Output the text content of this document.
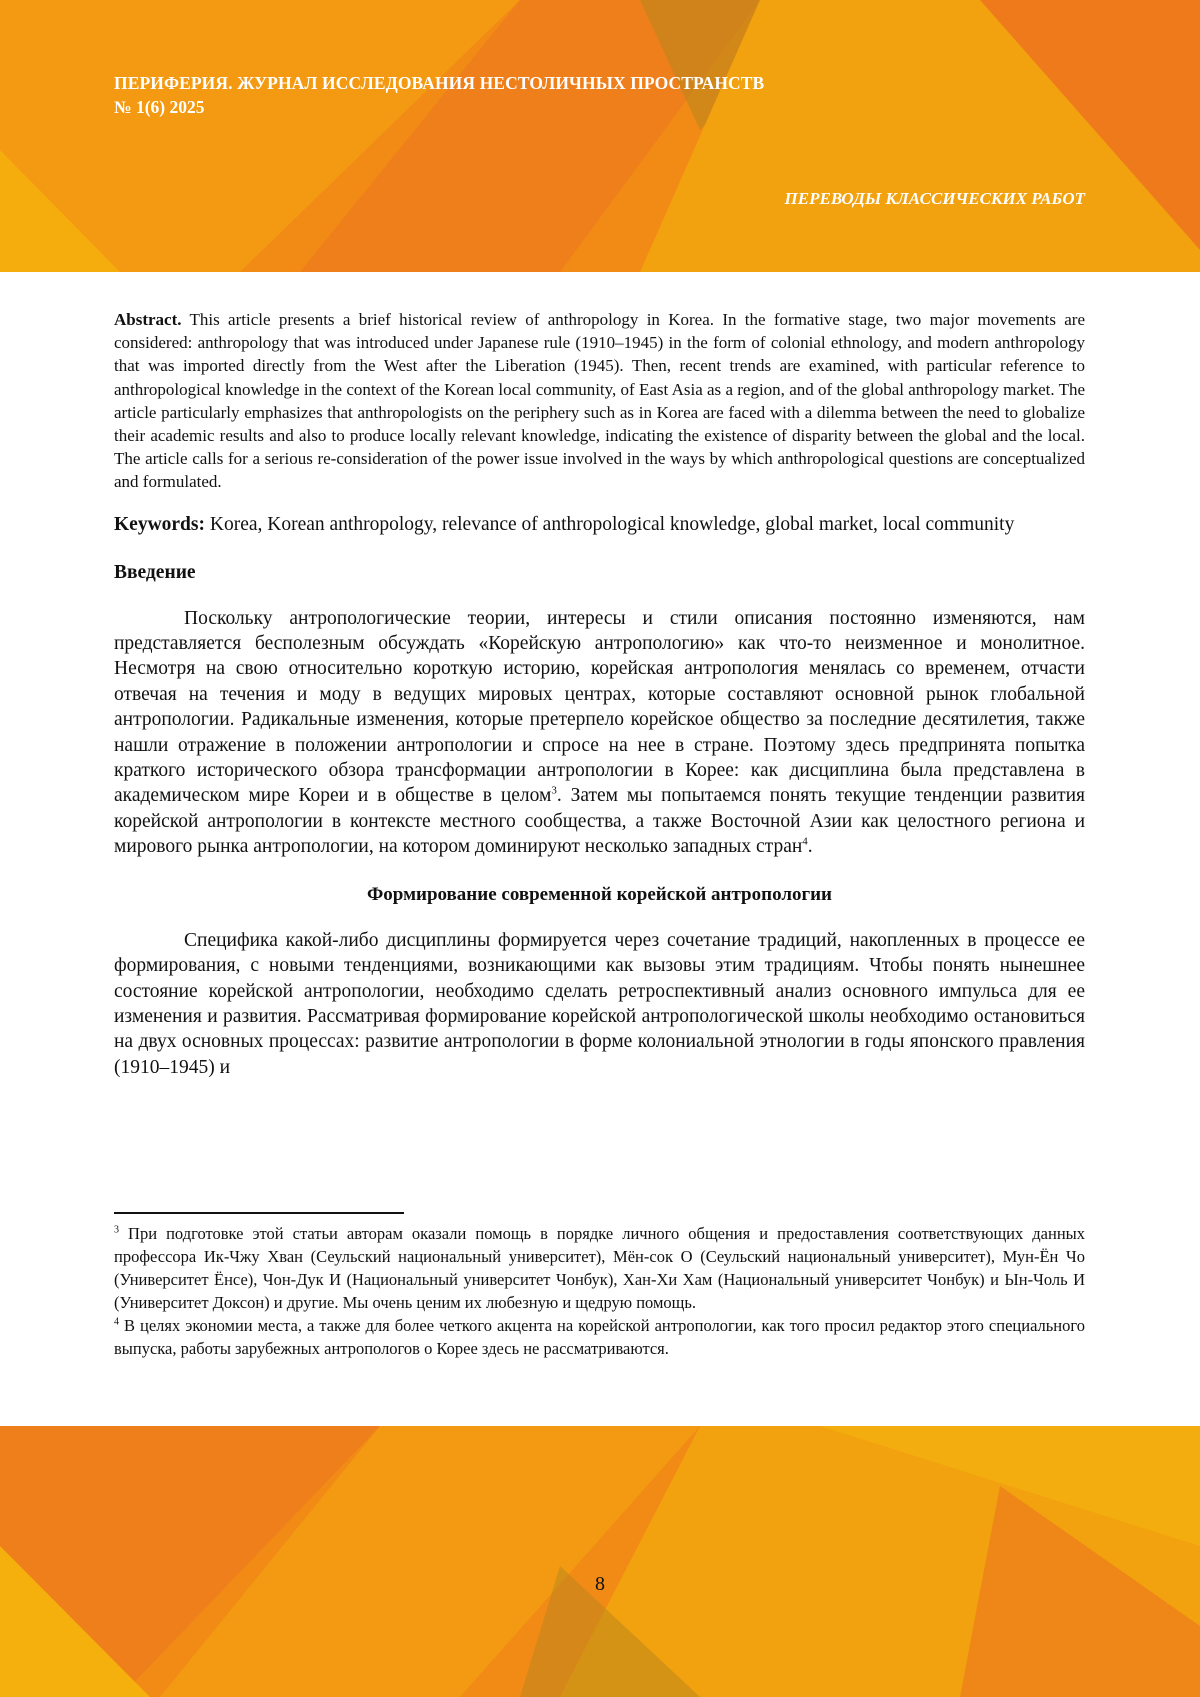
ПЕРИФЕРИЯ. ЖУРНАЛ ИССЛЕДОВАНИЯ НЕСТОЛИЧНЫХ ПРОСТРАНСТВ
№ 1(6) 2025
ПЕРЕВОДЫ КЛАССИЧЕСКИХ РАБОТ

Abstract. This article presents a brief historical review of anthropology in Korea. In the formative stage, two major movements are considered: anthropology that was introduced under Japanese rule (1910–1945) in the form of colonial ethnology, and modern anthropology that was imported directly from the West after the Liberation (1945). Then, recent trends are examined, with particular reference to anthropological knowledge in the context of the Korean local community, of East Asia as a region, and of the global anthropology market. The article particularly emphasizes that anthropologists on the periphery such as in Korea are faced with a dilemma between the need to globalize their academic results and also to produce locally relevant knowledge, indicating the existence of disparity between the global and the local. The article calls for a serious re-consideration of the power issue involved in the ways by which anthropological questions are conceptualized and formulated.

Keywords: Korea, Korean anthropology, relevance of anthropological knowledge, global market, local community

Введение

Поскольку антропологические теории, интересы и стили описания постоянно изменяются, нам представляется бесполезным обсуждать «Корейскую антропологию» как что-то неизменное и монолитное. Несмотря на свою относительно короткую историю, корейская антропология менялась со временем, отчасти отвечая на течения и моду в ведущих мировых центрах, которые составляют основной рынок глобальной антропологии. Радикальные изменения, которые претерпело корейское общество за последние десятилетия, также нашли отражение в положении антропологии и спросе на нее в стране. Поэтому здесь предпринята попытка краткого исторического обзора трансформации антропологии в Корее: как дисциплина была представлена в академическом мире Кореи и в обществе в целом3. Затем мы попытаемся понять текущие тенденции развития корейской антропологии в контексте местного сообщества, а также Восточной Азии как целостного региона и мирового рынка антропологии, на котором доминируют несколько западных стран4.

Формирование современной корейской антропологии

Специфика какой-либо дисциплины формируется через сочетание традиций, накопленных в процессе ее формирования, с новыми тенденциями, возникающими как вызовы этим традициям. Чтобы понять нынешнее состояние корейской антропологии, необходимо сделать ретроспективный анализ основного импульса для ее изменения и развития. Рассматривая формирование корейской антропологической школы необходимо остановиться на двух основных процессах: развитие антропологии в форме колониальной этнологии в годы японского правления (1910–1945) и

3 При подготовке этой статьи авторам оказали помощь в порядке личного общения и предоставления соответствующих данных профессора Ик-Чжу Хван (Сеульский национальный университет), Мён-сок О (Сеульский национальный университет), Мун-Ён Чо (Университет Ёнсе), Чон-Дук И (Национальный университет Чонбук), Хан-Хи Хам (Национальный университет Чонбук) и Ын-Чоль И (Университет Доксон) и другие. Мы очень ценим их любезную и щедрую помощь.

4 В целях экономии места, а также для более четкого акцента на корейской антропологии, как того просил редактор этого специального выпуска, работы зарубежных антропологов о Корее здесь не рассматриваются.

8
